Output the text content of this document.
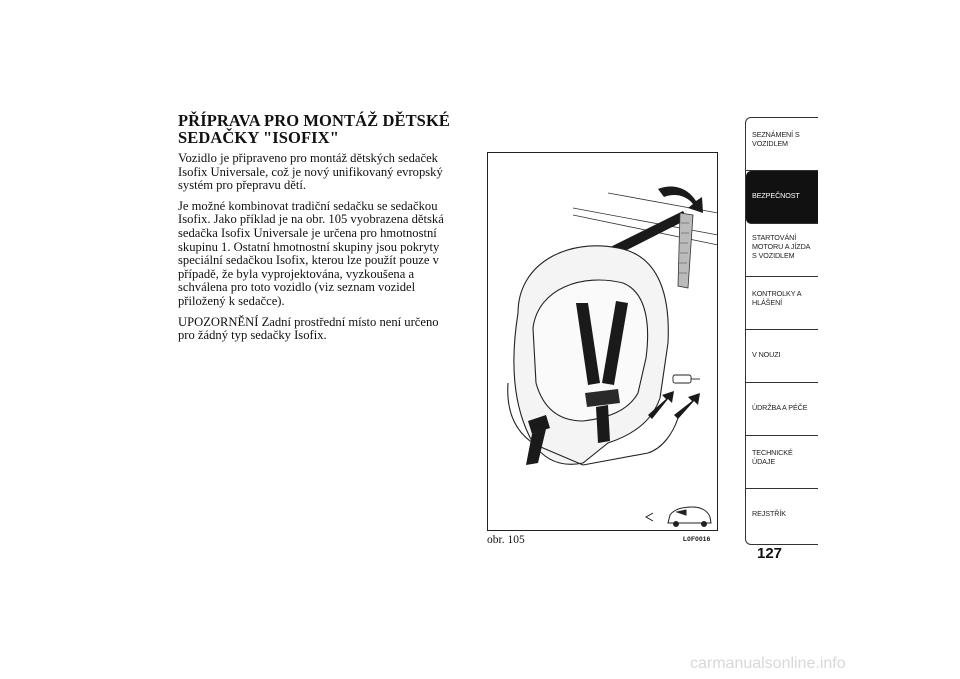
PŘÍPRAVA PRO MONTÁŽ DĚTSKÉ
SEDAČKY "ISOFIX"

Vozidlo je připraveno pro montáž dětských sedaček
Isofix Universale, což je nový unifikovaný evropský
systém pro přepravu dětí.

Je možné kombinovat tradiční sedačku se sedačkou
Isofix. Jako příklad je na obr. 105 vyobrazena dětská
sedačka Isofix Universale je určena pro hmotnostní
skupinu 1. Ostatní hmotnostní skupiny jsou pokryty
speciální sedačkou Isofix, kterou lze použít pouze v
případě, že byla vyprojektována, vyzkoušena a
schválena pro toto vozidlo (viz seznam vozidel
přiložený k sedačce).

UPOZORNĚNÍ Zadní prostřední místo není určeno
pro žádný typ sedačky Isofix.

obr. 105	L0F0016
SEZNÁMENÍ S
VOZIDLEM
BEZPEČNOST
STARTOVÁNÍ
MOTORU A JÍZDA
S VOZIDLEM
KONTROLKY A
HLÁŠENÍ
V NOUZI
ÚDRŽBA A PÉČE
TECHNICKÉ
ÚDAJE
REJSTŘÍK
127
carmanualsonline.info
